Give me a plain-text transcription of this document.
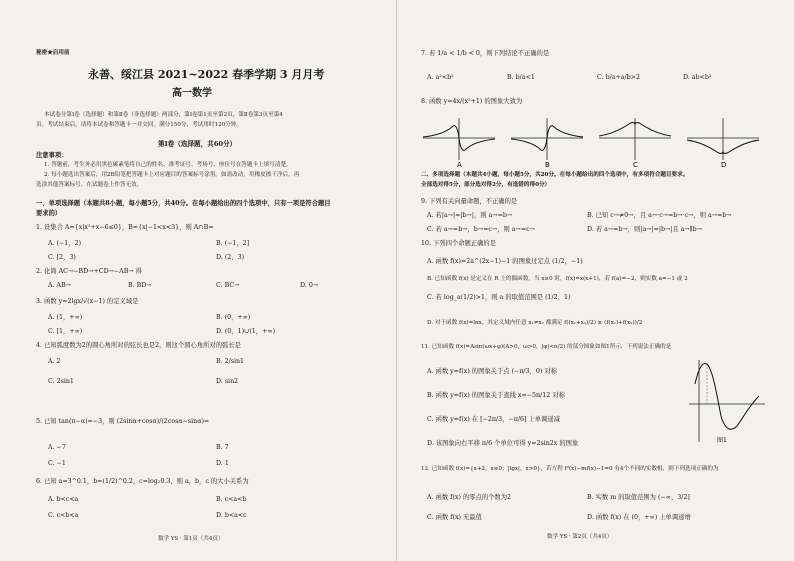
秘密★启用前
永善、绥江县 2021~2022 春季学期 3 月月考
高一数学
本试卷分第Ⅰ卷（选择题）和第Ⅱ卷（非选择题）两部分，第Ⅰ卷第1页至第2页，第Ⅱ卷第3页至第4
页。考试结束后，请将本试卷和答题卡一并交回。满分150分，考试用时120分钟。
第Ⅰ卷（选择题，共60分）
注意事项：
1. 答题前，考生务必用黑色碳素笔将自己的姓名、准考证号、考场号、座位号在答题卡上填写清楚。
2. 每小题选出答案后，用2B铅笔把答题卡上对应题目的答案标号涂黑。如需改动，用橡皮擦干净后，再
选涂其他答案标号。在试题卷上作答无效。
一、单项选择题（本题共8小题，每小题5分，共40分。在每小题给出的四个选项中，只有一项是符合题目
要求的）
1. 设集合 A={x|x²+x−6≤0}，B={x|−1<x<3}，则 A∩B=
A. (−1，2)	B. (−1，2]
C. [2，3)	D. (2，3)
2. 化简 AC→−BD→+CD→−AB→ 得
A. AB→	B. BD→	C. BC→	D. 0→
3. 函数 y=2lgx/√(x−1) 的定义域是
A. (1，+∞)	B. (0，+∞)
C. [1，+∞)	D. (0，1)∪(1，+∞)
4. 已知弧度数为2的圆心角所对的弦长也是2，则这个圆心角所对的弧长是
A. 2	B. 2/sin1
C. 2sin1	D. sin2
5. 已知 tan(π−α)=−3，则 (2sinα+cosα)/(2cosα−sinα)=
A. −7	B. 7
C. −1	D. 1
6. 已知 a=3^0.1，b=(1/2)^0.2，c=log₂0.3，则 a，b，c 的大小关系为
A. b<c<a	B. c<a<b
C. c<b<a	D. b<a<c
数学 YS · 第1页（共4页）
7. 若 1/a < 1/b < 0，则下列结论不正确的是
A. a²<b²	B. b/a<1	C. b/a+a/b>2	D. ab<b²
8. 函数 y=4x/(x²+1) 的图象大致为
A	B	C	D
二、多项选择题（本题共4小题，每小题5分，共20分。在每小题给出的四个选项中，有多项符合题目要求。
全部选对得5分，部分选对得2分，有选错的得0分）
9. 下列有关向量命题，不正确的是
A. 若|a→|=|b→|，则 a→=b→	B. 已知 c→≠0→，且 a→·c→=b→·c→，则 a→=b→
C. 若 a→=b→，b→=c→，则 a→=c→	D. 若 a→=b→，则|a→|=|b→|且 a→∥b→
10. 下列四个命题正确的是
A. 函数 f(x)=2a^(2x−1)−1 的图象过定点 (1/2，−1)
B. 已知函数 f(x) 是定义在 R 上的偶函数，当 x≥0 时，f(x)=x(x+1)，若 f(a)=−2，则实数 a=−1 或 2
C. 若 log_a(1/2)>1，则 a 的取值范围是 (1/2，1)
D. 对于函数 f(x)=lnx，其定义域内任意 x₁≠x₂ 都满足 f((x₁+x₂)/2) ≥ (f(x₁)+f(x₂))/2
11. 已知函数 f(x)=Asin(ωx+φ)(A>0，ω>0，|φ|<π/2) 的部分图象如图1所示，下列说法正确的是
A. 函数 y=f(x) 的图象关于点 (−π/3，0) 对称
B. 函数 y=f(x) 的图象关于直线 x=−5π/12 对称
C. 函数 y=f(x) 在 [−2π/3，−π/6] 上单调递减
D. 该图象向右平移 π/6 个单位可得 y=2sin2x 的图象	图1
12. 已知函数 f(x)={x+2，x≤0；|lgx|，x>0}，若方程 f²(x)−mf(x)−1=0 有4个不同的实数根，则下列选项正确的为
A. 函数 f(x) 的零点的个数为2	B. 实数 m 的取值范围为 (−∞，3/2]
C. 函数 f(x) 无最值	D. 函数 f(x) 在 (0，+∞) 上单调递增
数学 YS · 第2页（共4页）
